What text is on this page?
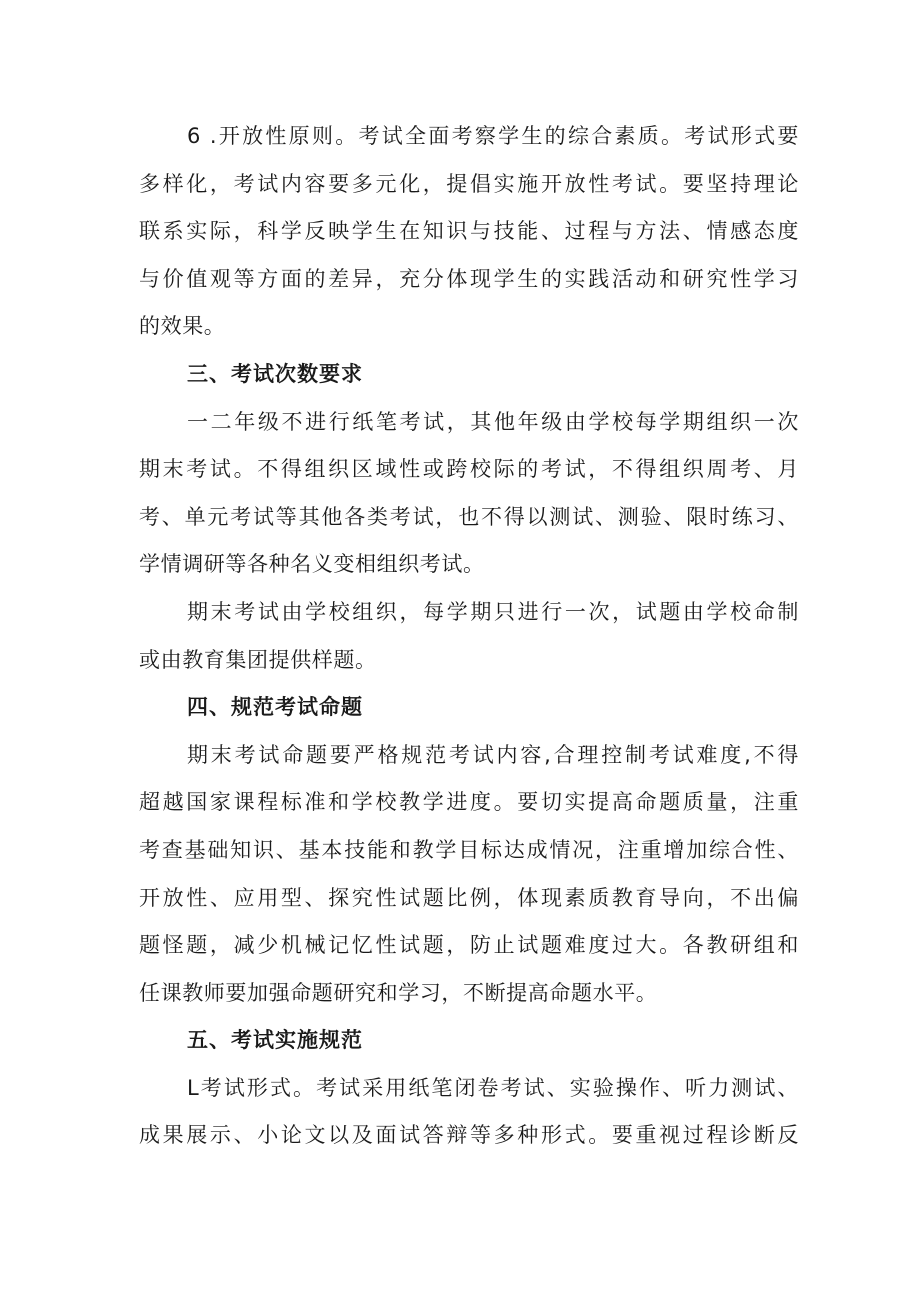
6 .开放性原则。考试全面考察学生的综合素质。考试形式要
多样化，考试内容要多元化，提倡实施开放性考试。要坚持理论
联系实际，科学反映学生在知识与技能、过程与方法、情感态度
与价值观等方面的差异，充分体现学生的实践活动和研究性学习
的效果。
三、考试次数要求
一二年级不进行纸笔考试，其他年级由学校每学期组织一次
期末考试。不得组织区域性或跨校际的考试，不得组织周考、月
考、单元考试等其他各类考试，也不得以测试、测验、限时练习、
学情调研等各种名义变相组织考试。
期末考试由学校组织，每学期只进行一次，试题由学校命制
或由教育集团提供样题。
四、规范考试命题
期末考试命题要严格规范考试内容,合理控制考试难度,不得
超越国家课程标准和学校教学进度。要切实提高命题质量，注重
考查基础知识、基本技能和教学目标达成情况，注重增加综合性、
开放性、应用型、探究性试题比例，体现素质教育导向，不出偏
题怪题，减少机械记忆性试题，防止试题难度过大。各教研组和
任课教师要加强命题研究和学习，不断提高命题水平。
五、考试实施规范
L考试形式。考试采用纸笔闭卷考试、实验操作、听力测试、
成果展示、小论文以及面试答辩等多种形式。要重视过程诊断反
